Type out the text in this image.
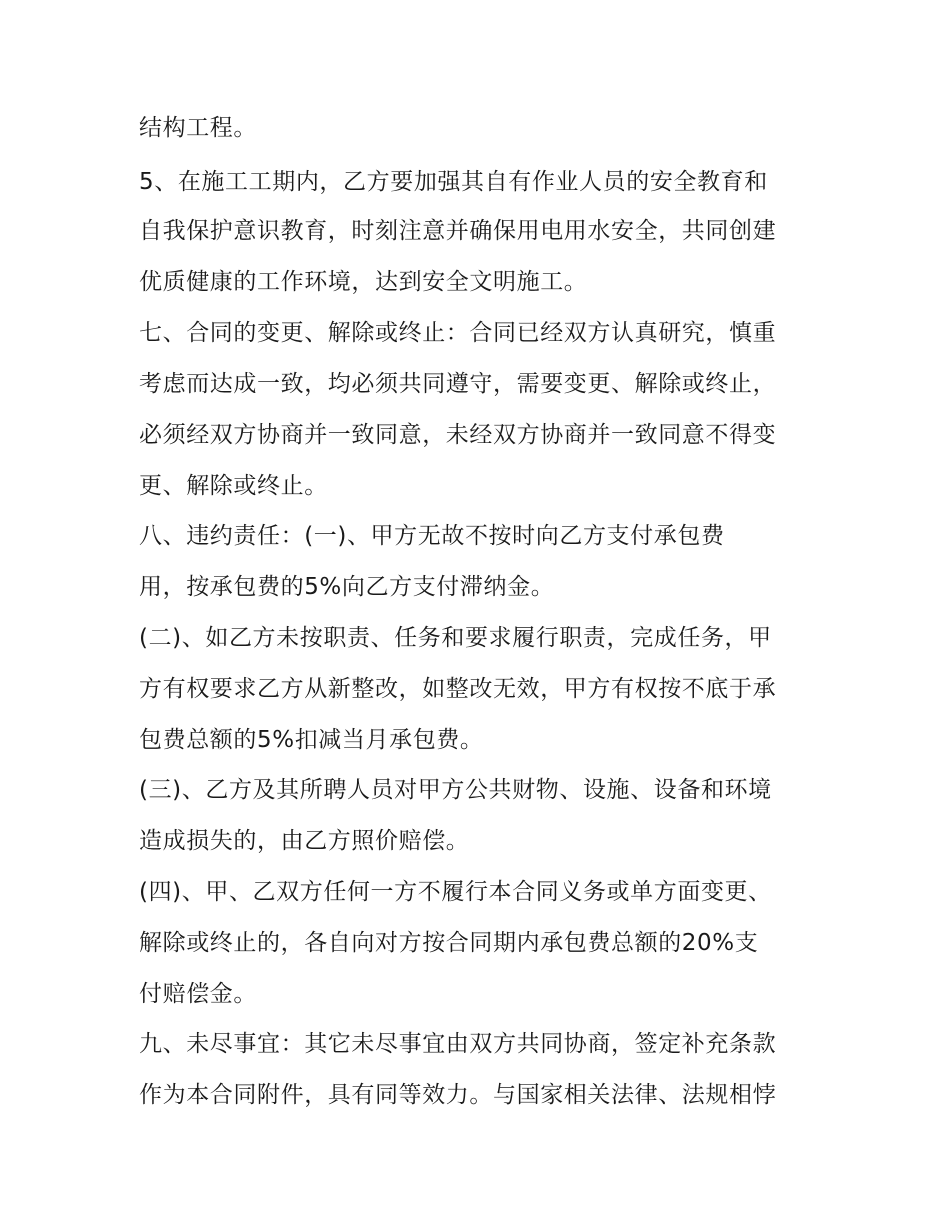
结构工程。
5、在施工工期内，乙方要加强其自有作业人员的安全教育和
自我保护意识教育，时刻注意并确保用电用水安全，共同创建
优质健康的工作环境，达到安全文明施工。
七、合同的变更、解除或终止：合同已经双方认真研究，慎重
考虑而达成一致，均必须共同遵守，需要变更、解除或终止，
必须经双方协商并一致同意，未经双方协商并一致同意不得变
更、解除或终止。
八、违约责任：(一)、甲方无故不按时向乙方支付承包费
用，按承包费的5%向乙方支付滞纳金。
(二)、如乙方未按职责、任务和要求履行职责，完成任务，甲
方有权要求乙方从新整改，如整改无效，甲方有权按不底于承
包费总额的5%扣减当月承包费。
(三)、乙方及其所聘人员对甲方公共财物、设施、设备和环境
造成损失的，由乙方照价赔偿。
(四)、甲、乙双方任何一方不履行本合同义务或单方面变更、
解除或终止的，各自向对方按合同期内承包费总额的20%支
付赔偿金。
九、未尽事宜：其它未尽事宜由双方共同协商，签定补充条款
作为本合同附件，具有同等效力。与国家相关法律、法规相悖
